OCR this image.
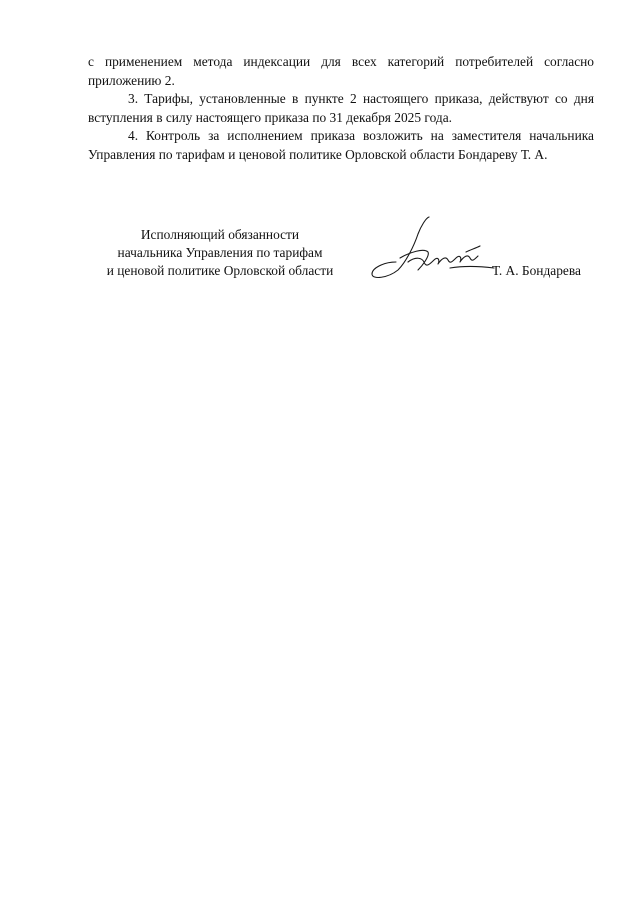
с применением метода индексации для всех категорий потребителей согласно приложению 2.

3. Тарифы, установленные в пункте 2 настоящего приказа, действуют со дня вступления в силу настоящего приказа по 31 декабря 2025 года.

4. Контроль за исполнением приказа возложить на заместителя начальника Управления по тарифам и ценовой политике Орловской области Бондареву Т. А.

Исполняющий обязанности
начальника Управления по тарифам
и ценовой политике Орловской области	Т. А. Бондарева
